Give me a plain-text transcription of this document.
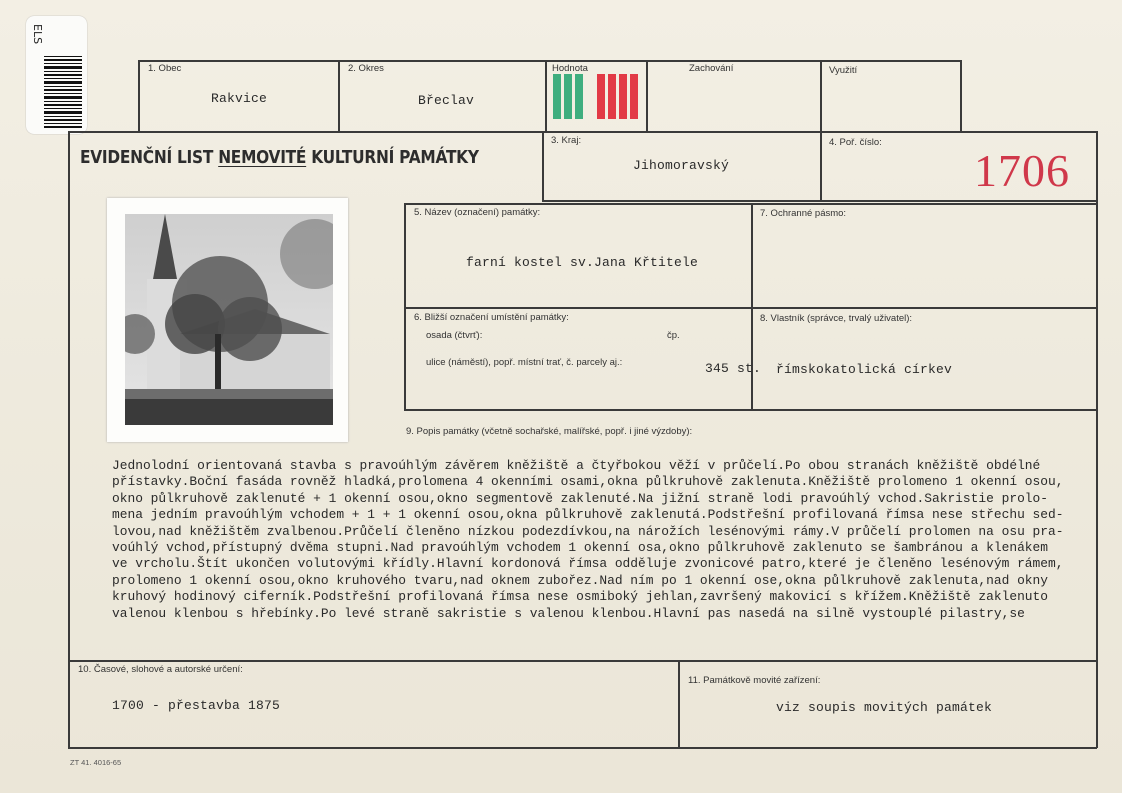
ELS
1. Obec
Rakvice
2. Okres
Břeclav
Hodnota	Zachování	Využití
EVIDENČNÍ LIST NEMOVITÉ KULTURNÍ PAMÁTKY
3. Kraj:
Jihomoravský
4. Poř. číslo:
1706
5. Název (označení) památky:
farní kostel sv.Jana Křtitele
7. Ochranné pásmo:
6. Bližší označení umístění památky:
osada (čtvrť):	čp.
ulice (náměstí), popř. místní trať, č. parcely aj.:	345 st.
8. Vlastník (správce, trvalý uživatel):
římskokatolická církev
9. Popis památky (včetně sochařské, malířské, popř. i jiné výzdoby):
Jednolodní orientovaná stavba s pravoúhlým závěrem kněžiště a čtyřbokou věží v průčelí.Po obou stranách kněžiště obdélné
přístavky.Boční fasáda rovněž hladká,prolomena 4 okenními osami,okna půlkruhově zaklenuta.Kněžiště prolomeno 1 okenní osou,
okno půlkruhově zaklenuté + 1 okenní osou,okno segmentově zaklenuté.Na jižní straně lodi pravoúhlý vchod.Sakristie prolo-
mena jedním pravoúhlým vchodem + 1 + 1 okenní osou,okna půlkruhově zaklenutá.Podstřešní profilovaná římsa nese střechu sed-
lovou,nad kněžištěm zvalbenou.Průčelí členěno nízkou podezdívkou,na nárožích lesénovými rámy.V průčelí prolomen na osu pra-
voúhlý vchod,přístupný dvěma stupni.Nad pravoúhlým vchodem 1 okenní osa,okno půlkruhově zaklenuto se šambránou a klenákem
ve vrcholu.Štít ukončen volutovými křídly.Hlavní kordonová římsa odděluje zvonicové patro,které je členěno lesénovým rámem,
prolomeno 1 okenní osou,okno kruhového tvaru,nad oknem zubořez.Nad ním po 1 okenní ose,okna půlkruhově zaklenuta,nad okny
kruhový hodinový ciferník.Podstřešní profilovaná římsa nese osmiboký jehlan,završený makovicí s křížem.Kněžiště zaklenuto
valenou klenbou s hřebínky.Po levé straně sakristie s valenou klenbou.Hlavní pas nasedá na silně vystouplé pilastry,se
10. Časové, slohové a autorské určení:
1700 - přestavba 1875
11. Památkově movité zařízení:
viz soupis movitých památek
ZT 41. 4016-65
